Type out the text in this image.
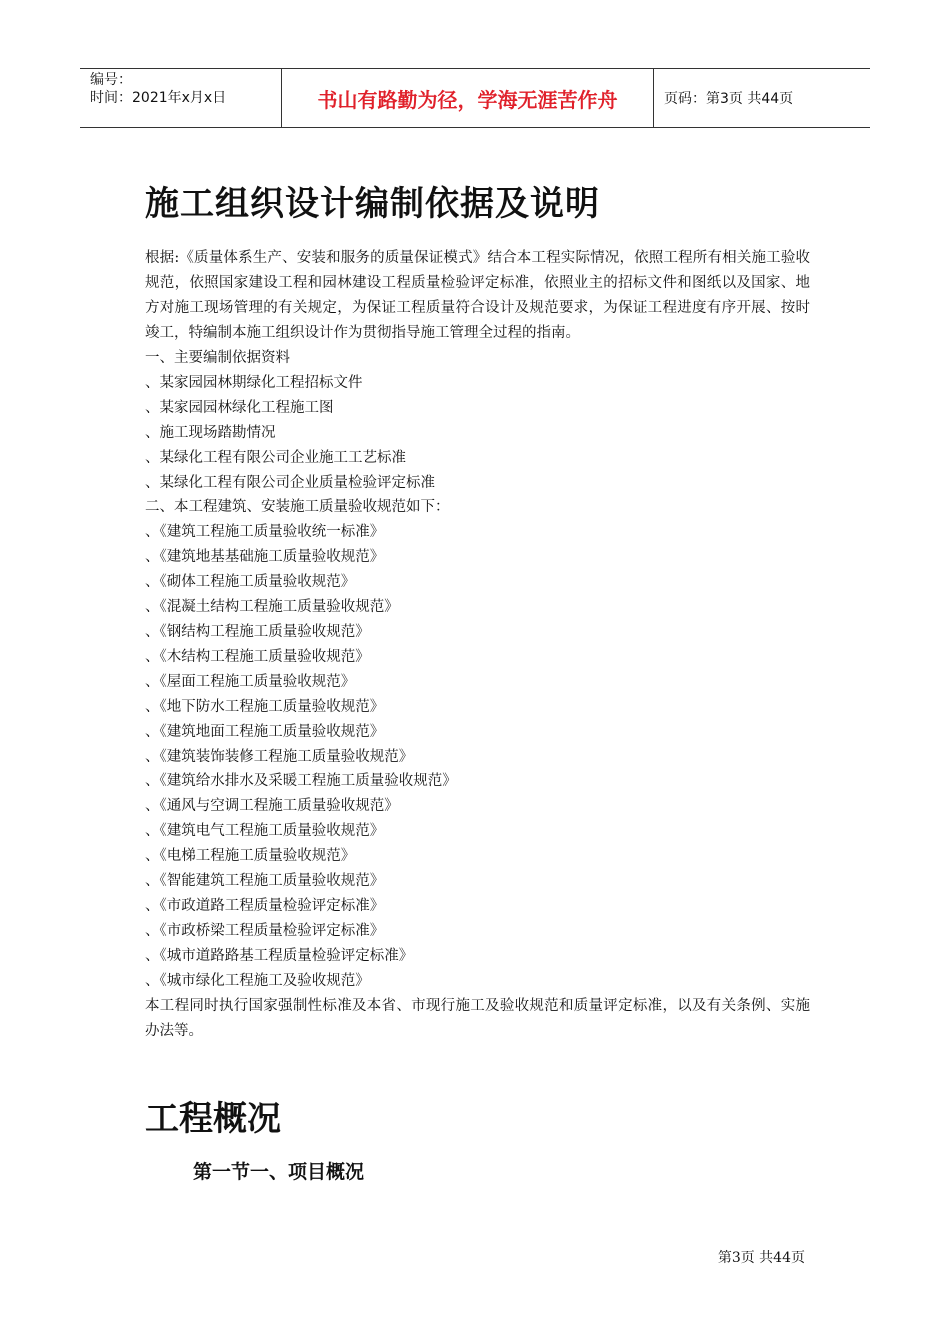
编号：
时间：2021年x月x日	书山有路勤为径，学海无涯苦作舟	页码：第3页 共44页
施工组织设计编制依据及说明

根据:《质量体系生产、安装和服务的质量保证模式》结合本工程实际情况，依照工程所有相关施工验收规范，依照国家建设工程和园林建设工程质量检验评定标准，依照业主的招标文件和图纸以及国家、地方对施工现场管理的有关规定，为保证工程质量符合设计及规范要求，为保证工程进度有序开展、按时竣工，特编制本施工组织设计作为贯彻指导施工管理全过程的指南。

一、主要编制依据资料
、某家园园林期绿化工程招标文件
、某家园园林绿化工程施工图
、施工现场踏勘情况
、某绿化工程有限公司企业施工工艺标准
、某绿化工程有限公司企业质量检验评定标准
二、本工程建筑、安装施工质量验收规范如下：
、《建筑工程施工质量验收统一标准》
、《建筑地基基础施工质量验收规范》
、《砌体工程施工质量验收规范》
、《混凝土结构工程施工质量验收规范》
、《钢结构工程施工质量验收规范》
、《木结构工程施工质量验收规范》
、《屋面工程施工质量验收规范》
、《地下防水工程施工质量验收规范》
、《建筑地面工程施工质量验收规范》
、《建筑装饰装修工程施工质量验收规范》
、《建筑给水排水及采暖工程施工质量验收规范》
、《通风与空调工程施工质量验收规范》
、《建筑电气工程施工质量验收规范》
、《电梯工程施工质量验收规范》
、《智能建筑工程施工质量验收规范》
、《市政道路工程质量检验评定标准》
、《市政桥梁工程质量检验评定标准》
、《城市道路路基工程质量检验评定标准》
、《城市绿化工程施工及验收规范》

本工程同时执行国家强制性标准及本省、市现行施工及验收规范和质量评定标准，以及有关条例、实施办法等。

工程概况
第一节一、项目概况
第3页 共44页
